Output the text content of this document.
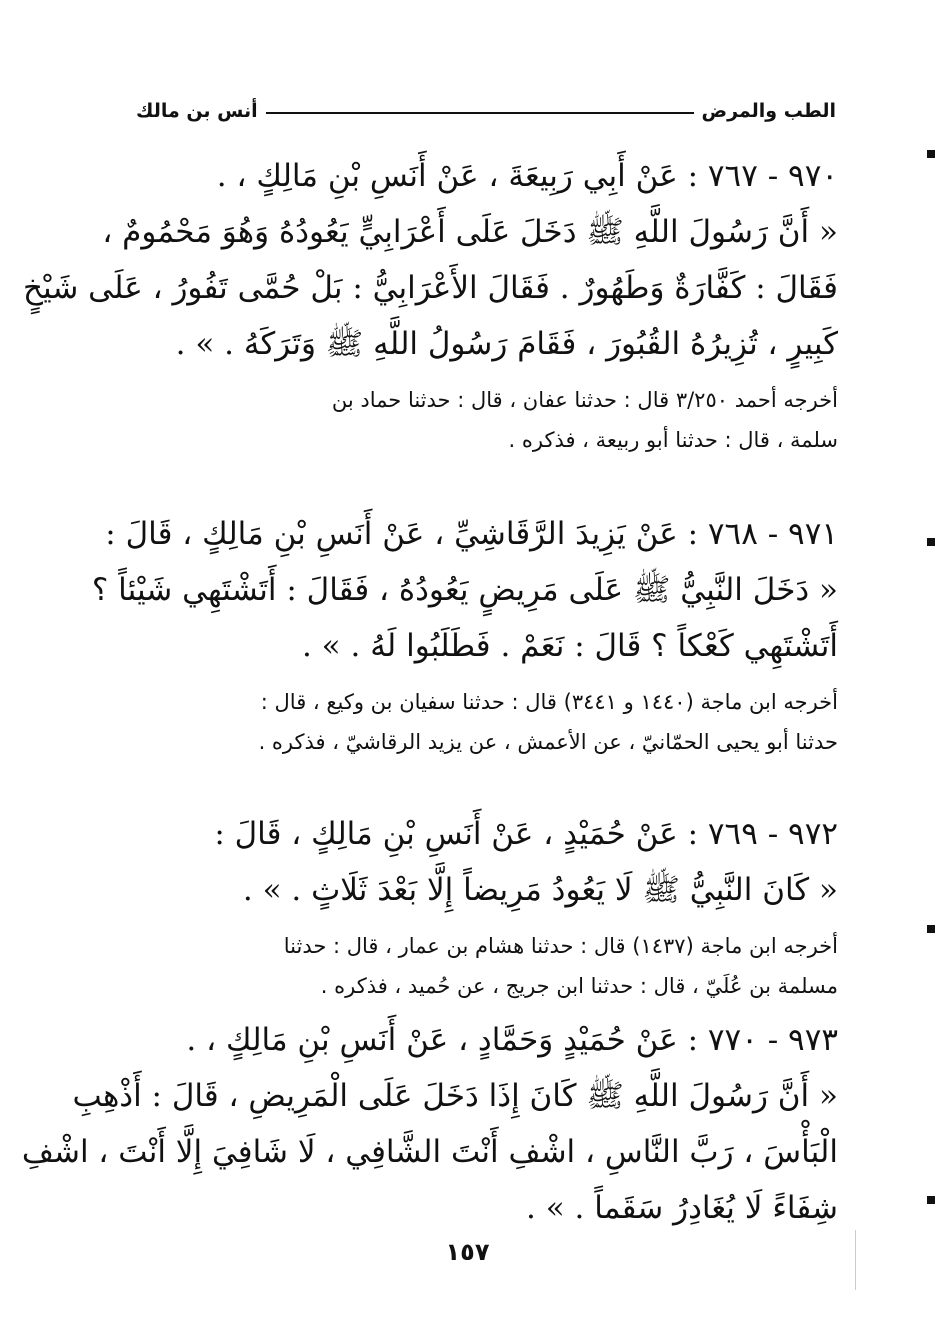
الطب والمرض
أنس بن مالك

٩٧٠ - ٧٦٧ : عَنْ أَبِي رَبِيعَةَ ، عَنْ أَنَسِ بْنِ مَالِكٍ ، .

« أَنَّ رَسُولَ اللَّهِ ﷺ دَخَلَ عَلَى أَعْرَابِيٍّ يَعُودُهُ وَهُوَ مَحْمُومٌ ،

فَقَالَ : كَفَّارَةٌ وَطَهُورٌ . فَقَالَ الأَعْرَابِيُّ : بَلْ حُمَّى تَفُورُ ، عَلَى شَيْخٍ

كَبِيرٍ ، تُزِيرُهُ القُبُورَ ، فَقَامَ رَسُولُ اللَّهِ ﷺ وَتَرَكَهُ . » .

أخرجه أحمد ٣/٢٥٠ قال : حدثنا عفان ، قال : حدثنا حماد بن

سلمة ، قال : حدثنا أبو ربيعة ، فذكره .

٩٧١ - ٧٦٨ : عَنْ يَزِيدَ الرَّقَاشِيِّ ، عَنْ أَنَسِ بْنِ مَالِكٍ ، قَالَ :

« دَخَلَ النَّبِيُّ ﷺ عَلَى مَرِيضٍ يَعُودُهُ ، فَقَالَ : أَتَشْتَهِي شَيْئاً ؟

أَتَشْتَهِي كَعْكاً ؟ قَالَ : نَعَمْ . فَطَلَبُوا لَهُ . » .

أخرجه ابن ماجة (١٤٤٠ و ٣٤٤١) قال : حدثنا سفيان بن وكيع ، قال :

حدثنا أبو يحيى الحمّانيّ ، عن الأعمش ، عن يزيد الرقاشيّ ، فذكره .

٩٧٢ - ٧٦٩ : عَنْ حُمَيْدٍ ، عَنْ أَنَسِ بْنِ مَالِكٍ ، قَالَ :

« كَانَ النَّبِيُّ ﷺ لَا يَعُودُ مَرِيضاً إِلَّا بَعْدَ ثَلَاثٍ . » .

أخرجه ابن ماجة (١٤٣٧) قال : حدثنا هشام بن عمار ، قال : حدثنا

مسلمة بن عُلَيّ ، قال : حدثنا ابن جريج ، عن حُميد ، فذكره .

٩٧٣ - ٧٧٠ : عَنْ حُمَيْدٍ وَحَمَّادٍ ، عَنْ أَنَسِ بْنِ مَالِكٍ ، .

« أَنَّ رَسُولَ اللَّهِ ﷺ كَانَ إِذَا دَخَلَ عَلَى الْمَرِيضِ ، قَالَ : أَذْهِبِ

الْبَأْسَ ، رَبَّ النَّاسِ ، اشْفِ أَنْتَ الشَّافِي ، لَا شَافِيَ إِلَّا أَنْتَ ، اشْفِ

شِفَاءً لَا يُغَادِرُ سَقَماً . » .

١٥٧
